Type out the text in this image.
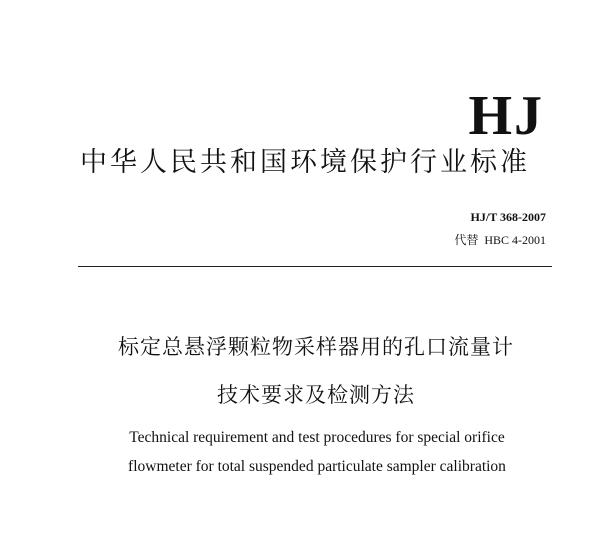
HJ
中华人民共和国环境保护行业标准
HJ/T 368-2007
代替 HBC 4-2001
标定总悬浮颗粒物采样器用的孔口流量计
技术要求及检测方法
Technical requirement and test procedures for special orifice
flowmeter for total suspended particulate sampler calibration
